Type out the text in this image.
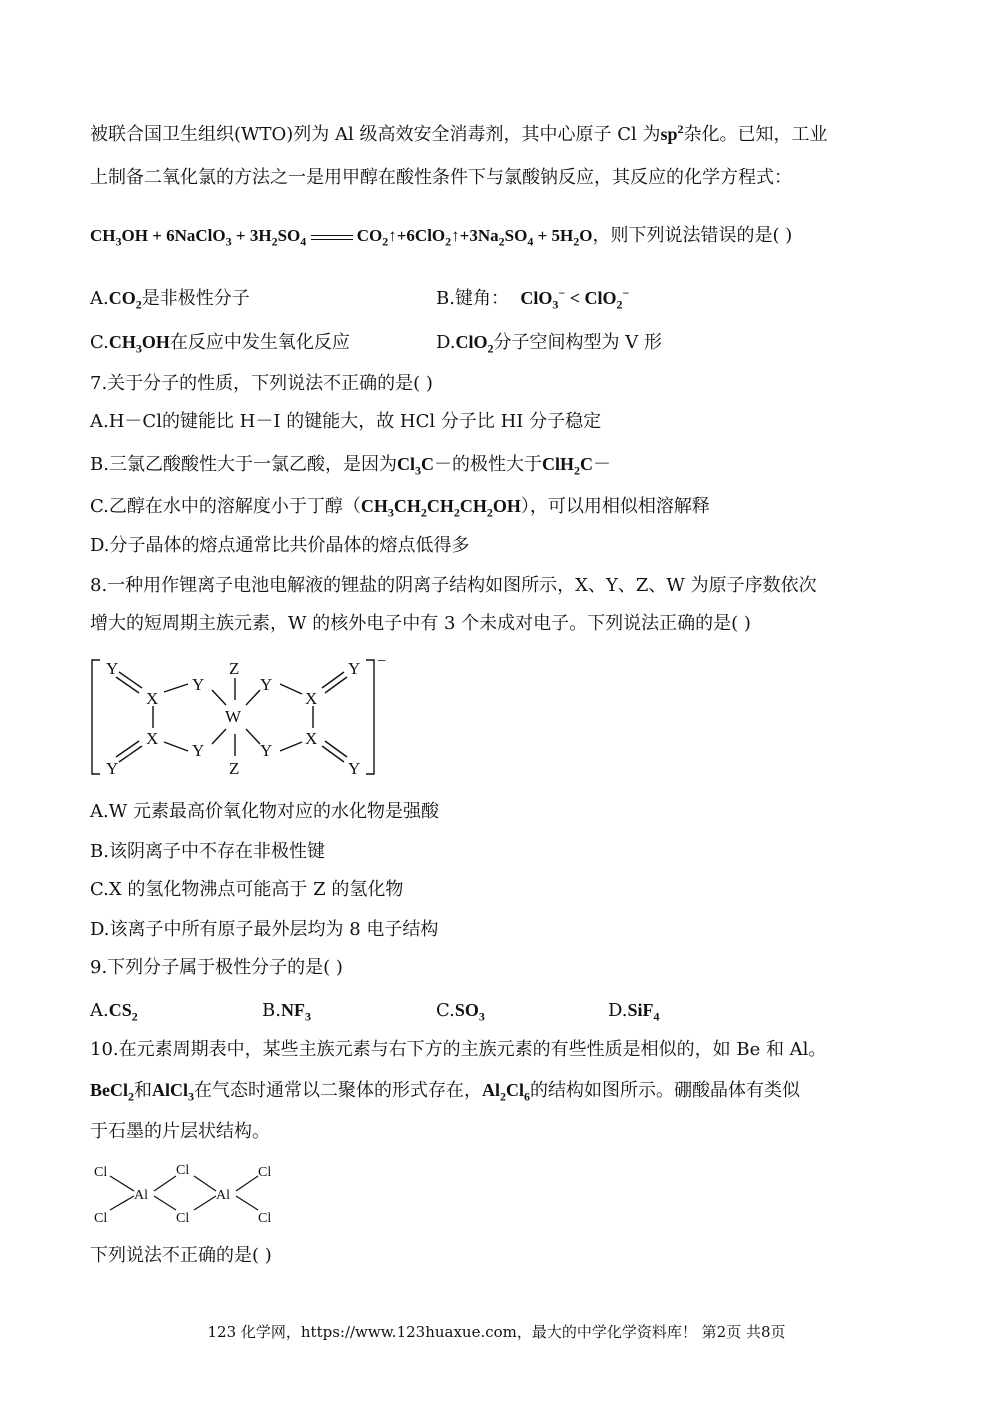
被联合国卫生组织(WTO)列为 Al 级高效安全消毒剂，其中心原子 Cl 为$sp^2$杂化。已知，工业
上制备二氧化氯的方法之一是用甲醇在酸性条件下与氯酸钠反应，其反应的化学方程式：
$CH_3OH$ + 6NaClO$_3$ + $3H_2SO_4$	$CO_2↑+6ClO_2↑+3Na_2SO_4 + 5H_2O$，则下列说法错误的是( )
$A.CO_2$是非极性分子	B.键角： ClO$_3$− < ClO$_2$−
$C.CH_3OH$在反应中发生氧化反应	D.ClO$_2$分子空间构型为 V 形
7.关于分子的性质，下列说法不正确的是( )
A.H－Cl的键能比 H－I 的键能大，故 HCl 分子比 HI 分子稳定
B.三氯乙酸酸性大于一氯乙酸，是因为$Cl_3C-$的极性大于ClH$_2$C－
C.乙醇在水中的溶解度小于丁醇$(CH_3CH_2CH_2CH_2OH)$，可以用相似相溶解释
D.分子晶体的熔点通常比共价晶体的熔点低得多
8.一种用作锂离子电池电解液的锂盐的阴离子结构如图所示，X、Y、Z、W 为原子序数依次
增大的短周期主族元素，W 的核外电子中有 3 个未成对电子。下列说法正确的是( )
Y
X
Y
Z
W
Y
X
Y
X
Y	Y
X
Y	Z	Y
−
A.W 元素最高价氧化物对应的水化物是强酸
B.该阴离子中不存在非极性键
C.X 的氢化物沸点可能高于 Z 的氢化物
D.该离子中所有原子最外层均为 8 电子结构
9.下列分子属于极性分子的是( )
$A.CS_2$	$B.NF_3$	$C.SO_3$	D.SiF$_4$
10.在元素周期表中，某些主族元素与右下方的主族元素的有些性质是相似的，如 Be 和 Al。
BeCl$_2$和AlCl$_3$在气态时通常以二聚体的形式存在，$Al_2Cl_6$的结构如图所示。硼酸晶体有类似
于石墨的片层状结构。
Cl
Cl
Cl
Cl
Cl
Cl
Al	Al
下列说法不正确的是( )
123 化学网，https://www.123huaxue.com，最大的中学化学资料库！ 第2页 共8页
